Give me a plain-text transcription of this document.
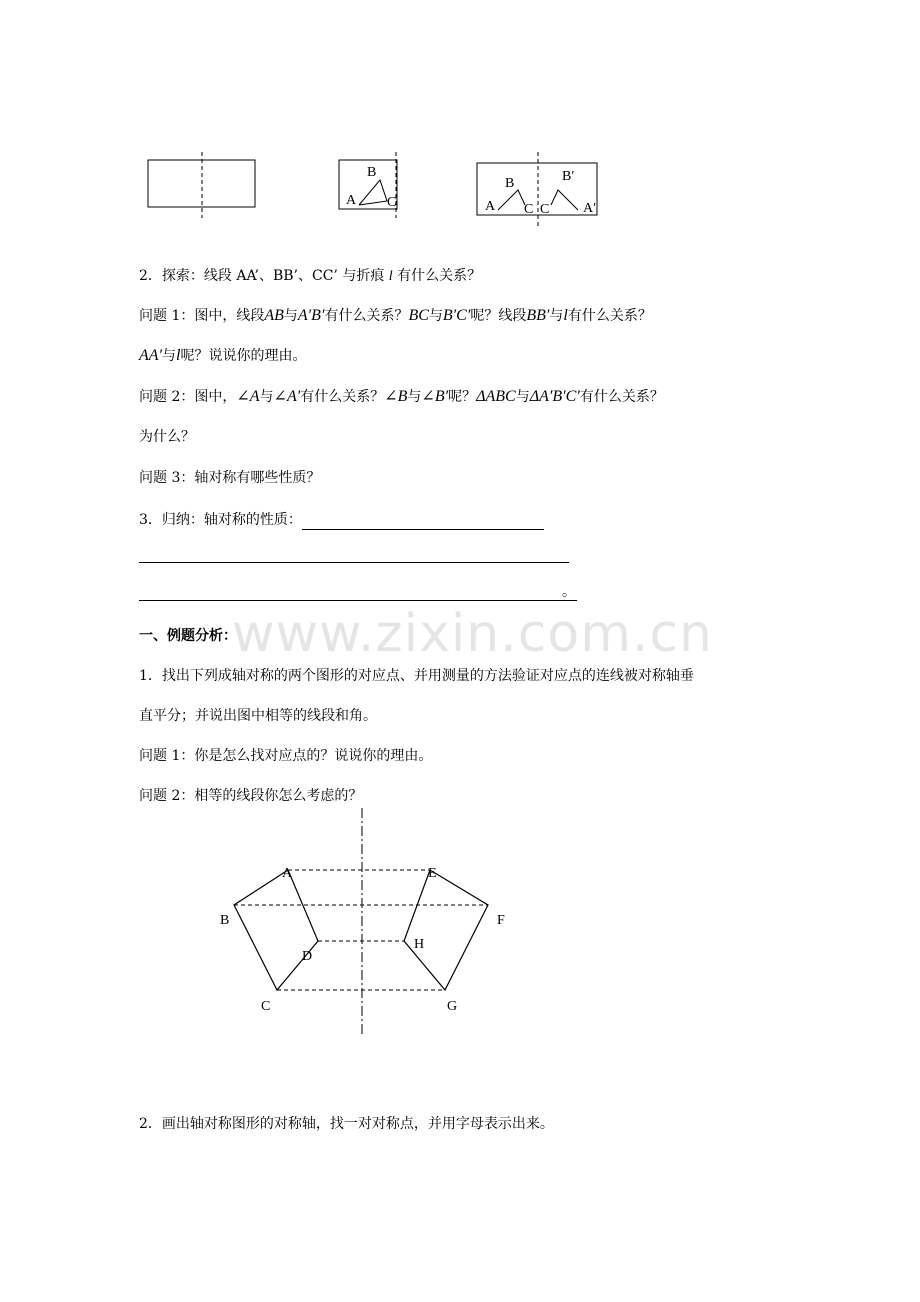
B
A C
B
A C C
B′
A′
2．探索：线段 AA’、BB’、CC’ 与折痕 l 有什么关系？
问题 1：图中，线段AB与A′B′有什么关系？BC与B′C′呢？线段BB′与l有什么关系？
AA′与l呢？说说你的理由。
问题 2：图中，∠A与∠A′有什么关系？∠B与∠B′呢？ΔABC与ΔA′B′C′有什么关系？
为什么？
问题 3：轴对称有哪些性质？
3．归纳：轴对称的性质：
。
www.zixin.com.cn
一、例题分析：
1．找出下列成轴对称的两个图形的对应点、并用测量的方法验证对应点的连线被对称轴垂
直平分；并说出图中相等的线段和角。
问题 1：你是怎么找对应点的？说说你的理由。
问题 2：相等的线段你怎么考虑的？
A	E
B	F
D
H
C	G
2．画出轴对称图形的对称轴，找一对对称点，并用字母表示出来。
